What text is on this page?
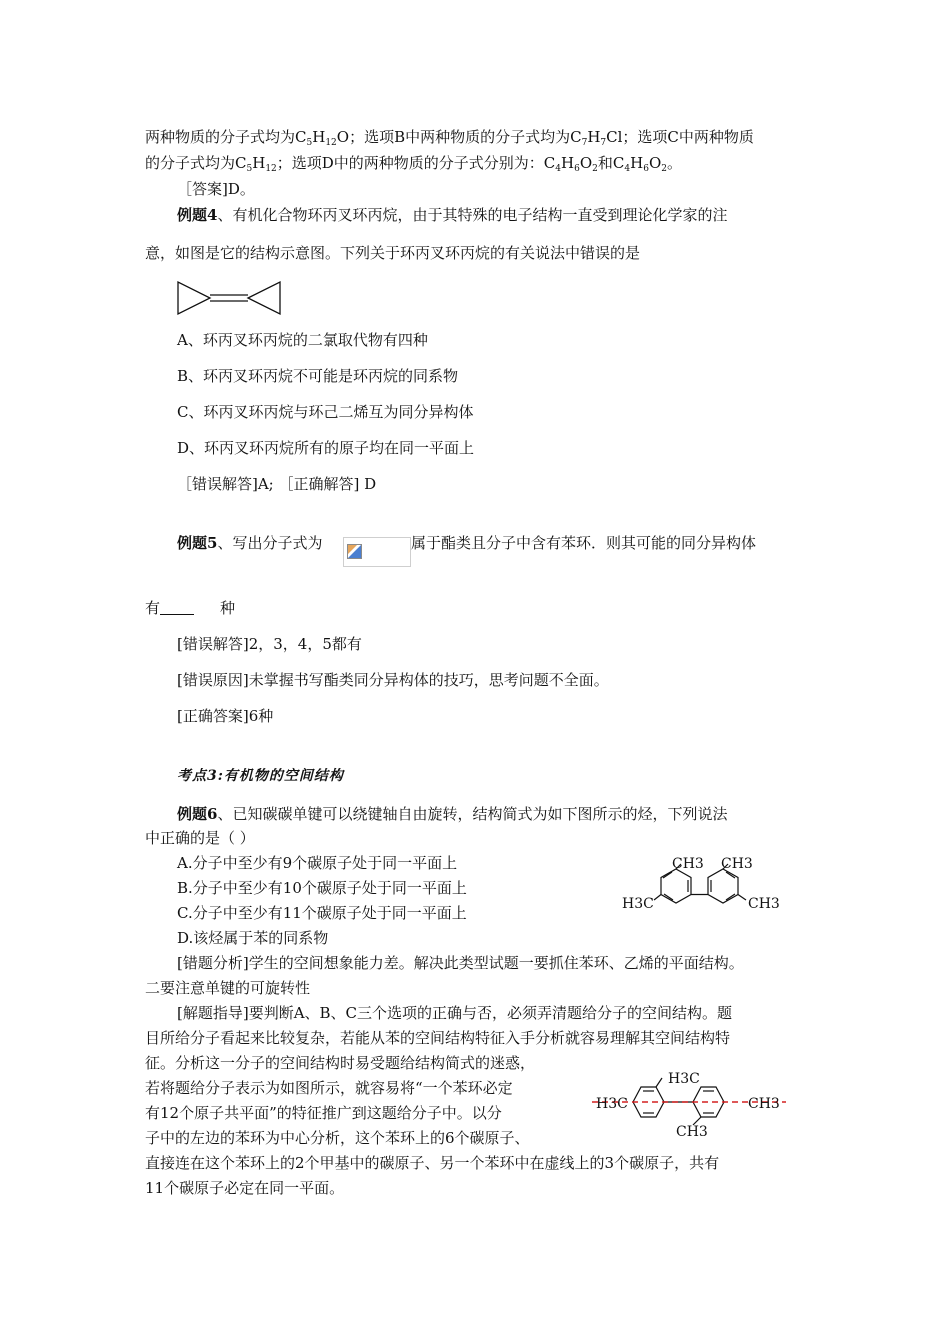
两种物质的分子式均为$C_5H_{12}O$；选项B中两种物质的分子式均为$C_7H_7Cl$；选项C中两种物质
的分子式均为$C_5H_{12}$；选项D中的两种物质的分子式分别为：$C_4H_6O_2$和$C_4H_6O_2$。
［答案]D。
例题4、有机化合物环丙叉环丙烷，由于其特殊的电子结构一直受到理论化学家的注
意，如图是它的结构示意图。下列关于环丙叉环丙烷的有关说法中错误的是
A、环丙叉环丙烷的二氯取代物有四种
B、环丙叉环丙烷不可能是环丙烷的同系物
C、环丙叉环丙烷与环己二烯互为同分异构体
D、环丙叉环丙烷所有的原子均在同一平面上
［错误解答]A; ［正确解答] D
例题5、写出分子式为	属于酯类且分子中含有苯环．则其可能的同分异构体
有	种
[错误解答]2，3，4，5都有
[错误原因]未掌握书写酯类同分异构体的技巧，思考问题不全面。
[正确答案]6种
考点3:有机物的空间结构
例题6、已知碳碳单键可以绕键轴自由旋转，结构简式为如下图所示的烃，下列说法
中正确的是（ ）
A.分子中至少有9个碳原子处于同一平面上
B.分子中至少有10个碳原子处于同一平面上
C.分子中至少有11个碳原子处于同一平面上
D.该烃属于苯的同系物
CH3 CH3
H3C	CH3
[错题分析]学生的空间想象能力差。解决此类型试题一要抓住苯环、乙烯的平面结构。
二要注意单键的可旋转性
[解题指导]要判断A、B、C三个选项的正确与否，必须弄清题给分子的空间结构。题
目所给分子看起来比较复杂，若能从苯的空间结构特征入手分析就容易理解其空间结构特
征。分析这一分子的空间结构时易受题给结构简式的迷惑，
若将题给分子表示为如图所示，就容易将“一个苯环必定
有12个原子共平面”的特征推广到这题给分子中。以分
子中的左边的苯环为中心分析，这个苯环上的6个碳原子、
直接连在这个苯环上的2个甲基中的碳原子、另一个苯环中在虚线上的3个碳原子，共有
11个碳原子必定在同一平面。
H3C
H3C	CH3
CH3
